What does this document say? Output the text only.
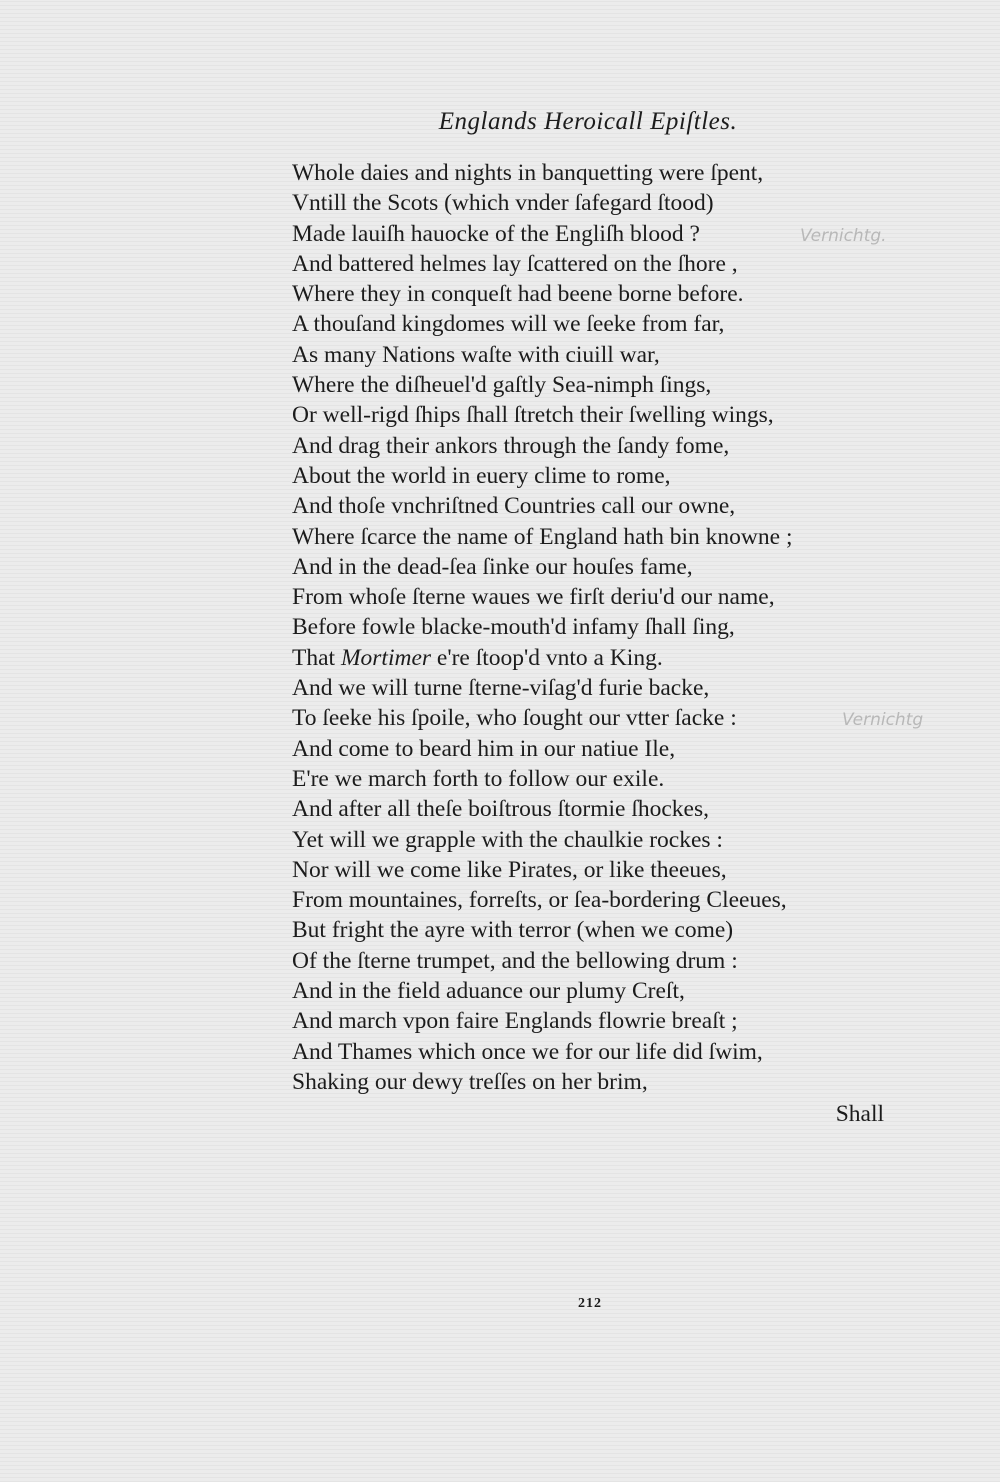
Englands Heroicall Epiſtles.
Whole daies and nights in banquetting were ſpent,
Vntill the Scots (which vnder ſafegard ſtood)
Made lauiſh hauocke of the Engliſh blood ?
And battered helmes lay ſcattered on the ſhore ,
Where they in conqueſt had beene borne before.
A thouſand kingdomes will we ſeeke from far,
As many Nations waſte with ciuill war,
Where the diſheuel'd gaſtly Sea-nimph ſings,
Or well-rigd ſhips ſhall ſtretch their ſwelling wings,
And drag their ankors through the ſandy fome,
About the world in euery clime to rome,
And thoſe vnchriſtned Countries call our owne,
Where ſcarce the name of England hath bin knowne ;
And in the dead-ſea ſinke our houſes fame,
From whoſe ſterne waues we firſt deriu'd our name,
Before fowle blacke-mouth'd infamy ſhall ſing,
That Mortimer e're ſtoop'd vnto a King.
And we will turne ſterne-viſag'd furie backe,
To ſeeke his ſpoile, who ſought our vtter ſacke :
And come to beard him in our natiue Ile,
E're we march forth to follow our exile.
And after all theſe boiſtrous ſtormie ſhockes,
Yet will we grapple with the chaulkie rockes :
Nor will we come like Pirates, or like theeues,
From mountaines, forreſts, or ſea-bordering Cleeues,
But fright the ayre with terror (when we come)
Of the ſterne trumpet, and the bellowing drum :
And in the field aduance our plumy Creſt,
And march vpon faire Englands flowrie breaſt ;
And Thames which once we for our life did ſwim,
Shaking our dewy treſſes on her brim,
Vernichtg.
Vernichtg
Shall
212
